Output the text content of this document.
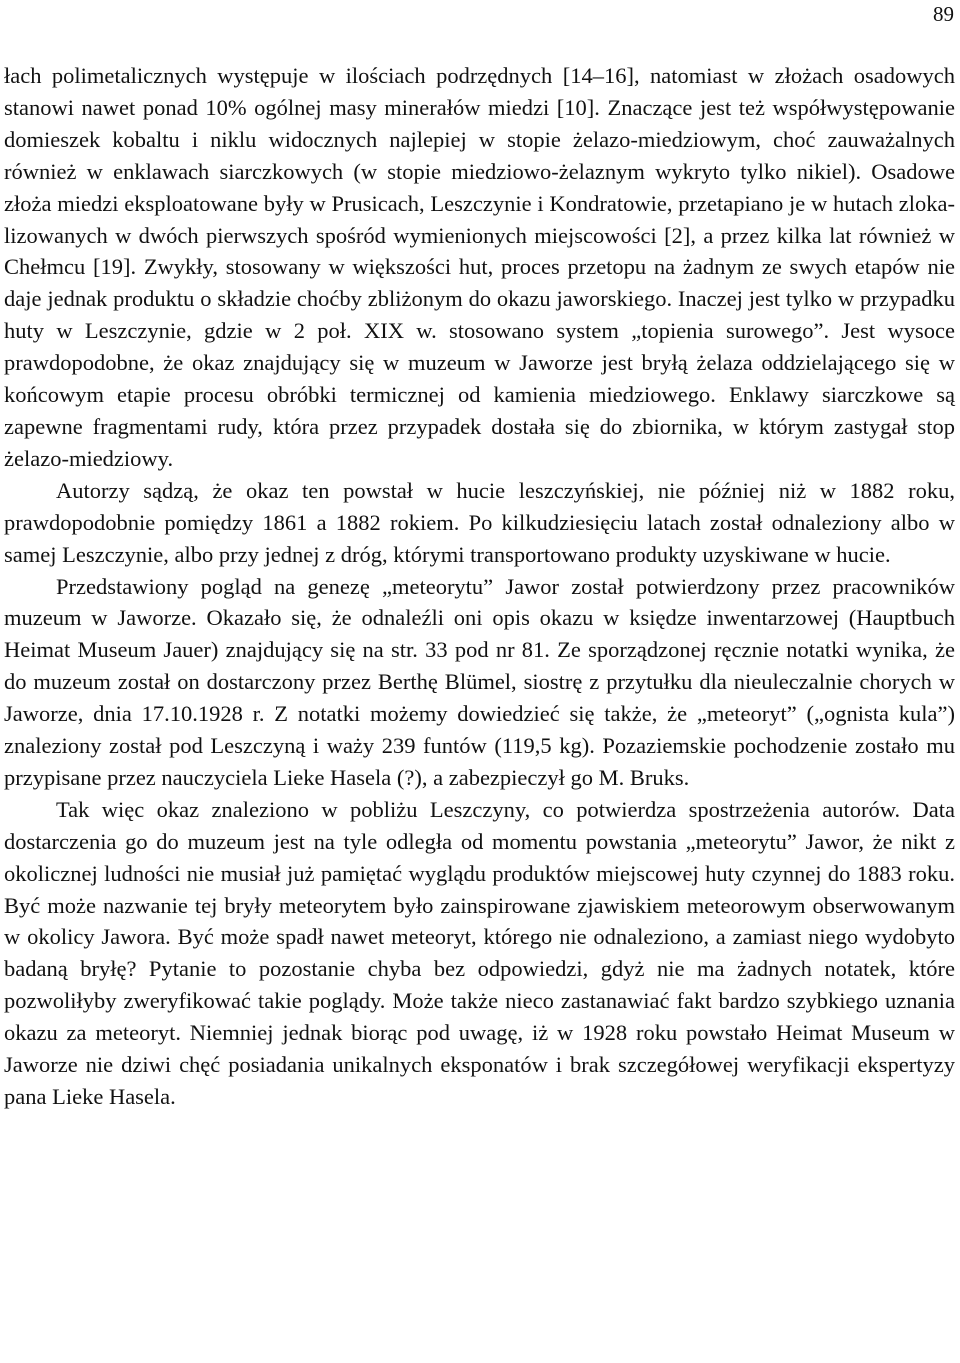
89

łach polimetalicznych występuje w ilościach podrzędnych [14–16], natomiast w złożach osadowych stanowi nawet ponad 10% ogólnej masy minerałów miedzi [10]. Znaczące jest też współwystępowanie domieszek kobaltu i niklu widocznych najlepiej w stopie żelazo-miedziowym, choć zauważalnych również w enklawach siarczkowych (w stopie miedziowo-żelaznym wykryto tylko nikiel). Osadowe złoża miedzi eksploatowane były w Prusicach, Leszczynie i Kondratowie, przetapiano je w hutach zlokalizowanych w dwóch pierwszych spośród wymienionych miejscowości [2], a przez kilka lat również w Chełmcu [19]. Zwykły, stosowany w większości hut, proces przetopu na żadnym ze swych etapów nie daje jednak produktu o składzie choćby zbliżonym do okazu jaworskiego. Inaczej jest tylko w przypadku huty w Leszczynie, gdzie w 2 poł. XIX w. stosowano system „topienia surowego”. Jest wysoce prawdopodobne, że okaz znajdujący się w muzeum w Jaworze jest bryłą żelaza oddzielającego się w końcowym etapie procesu obróbki termicznej od kamienia miedziowego. Enklawy siarczkowe są zapewne fragmentami rudy, która przez przypadek dostała się do zbiornika, w którym zastygał stop żelazo-miedziowy.

Autorzy sądzą, że okaz ten powstał w hucie leszczyńskiej, nie później niż w 1882 roku, prawdopodobnie pomiędzy 1861 a 1882 rokiem. Po kilkudziesięciu latach został odnaleziony albo w samej Leszczynie, albo przy jednej z dróg, którymi transportowano produkty uzyskiwane w hucie.

Przedstawiony pogląd na genezę „meteorytu” Jawor został potwierdzony przez pracowników muzeum w Jaworze. Okazało się, że odnaleźli oni opis okazu w księdze inwentarzowej (Hauptbuch Heimat Museum Jauer) znajdujący się na str. 33 pod nr 81. Ze sporządzonej ręcznie notatki wynika, że do muzeum został on dostarczony przez Berthę Blümel, siostrę z przytułku dla nieuleczalnie chorych w Jaworze, dnia 17.10.1928 r. Z notatki możemy dowiedzieć się także, że „meteoryt” („ognista kula”) znaleziony został pod Leszczyną i waży 239 funtów (119,5 kg). Pozaziemskie pochodzenie zostało mu przypisane przez nauczyciela Lieke Hasela (?), a zabezpieczył go M. Bruks.

Tak więc okaz znaleziono w pobliżu Leszczyny, co potwierdza spostrzeżenia autorów. Data dostarczenia go do muzeum jest na tyle odległa od momentu powstania „meteorytu” Jawor, że nikt z okolicznej ludności nie musiał już pamiętać wyglądu produktów miejscowej huty czynnej do 1883 roku. Być może nazwanie tej bryły meteorytem było zainspirowane zjawiskiem meteorowym obserwowanym w okolicy Jawora. Być może spadł nawet meteoryt, którego nie odnaleziono, a zamiast niego wydobyto badaną bryłę? Pytanie to pozostanie chyba bez odpowiedzi, gdyż nie ma żadnych notatek, które pozwoliłyby zweryfikować takie poglądy. Może także nieco zastanawiać fakt bardzo szybkiego uznania okazu za meteoryt. Niemniej jednak biorąc pod uwagę, iż w 1928 roku powstało Heimat Museum w Jaworze nie dziwi chęć posiadania unikalnych eksponatów i brak szczegółowej weryfikacji ekspertyzy pana Lieke Hasela.
